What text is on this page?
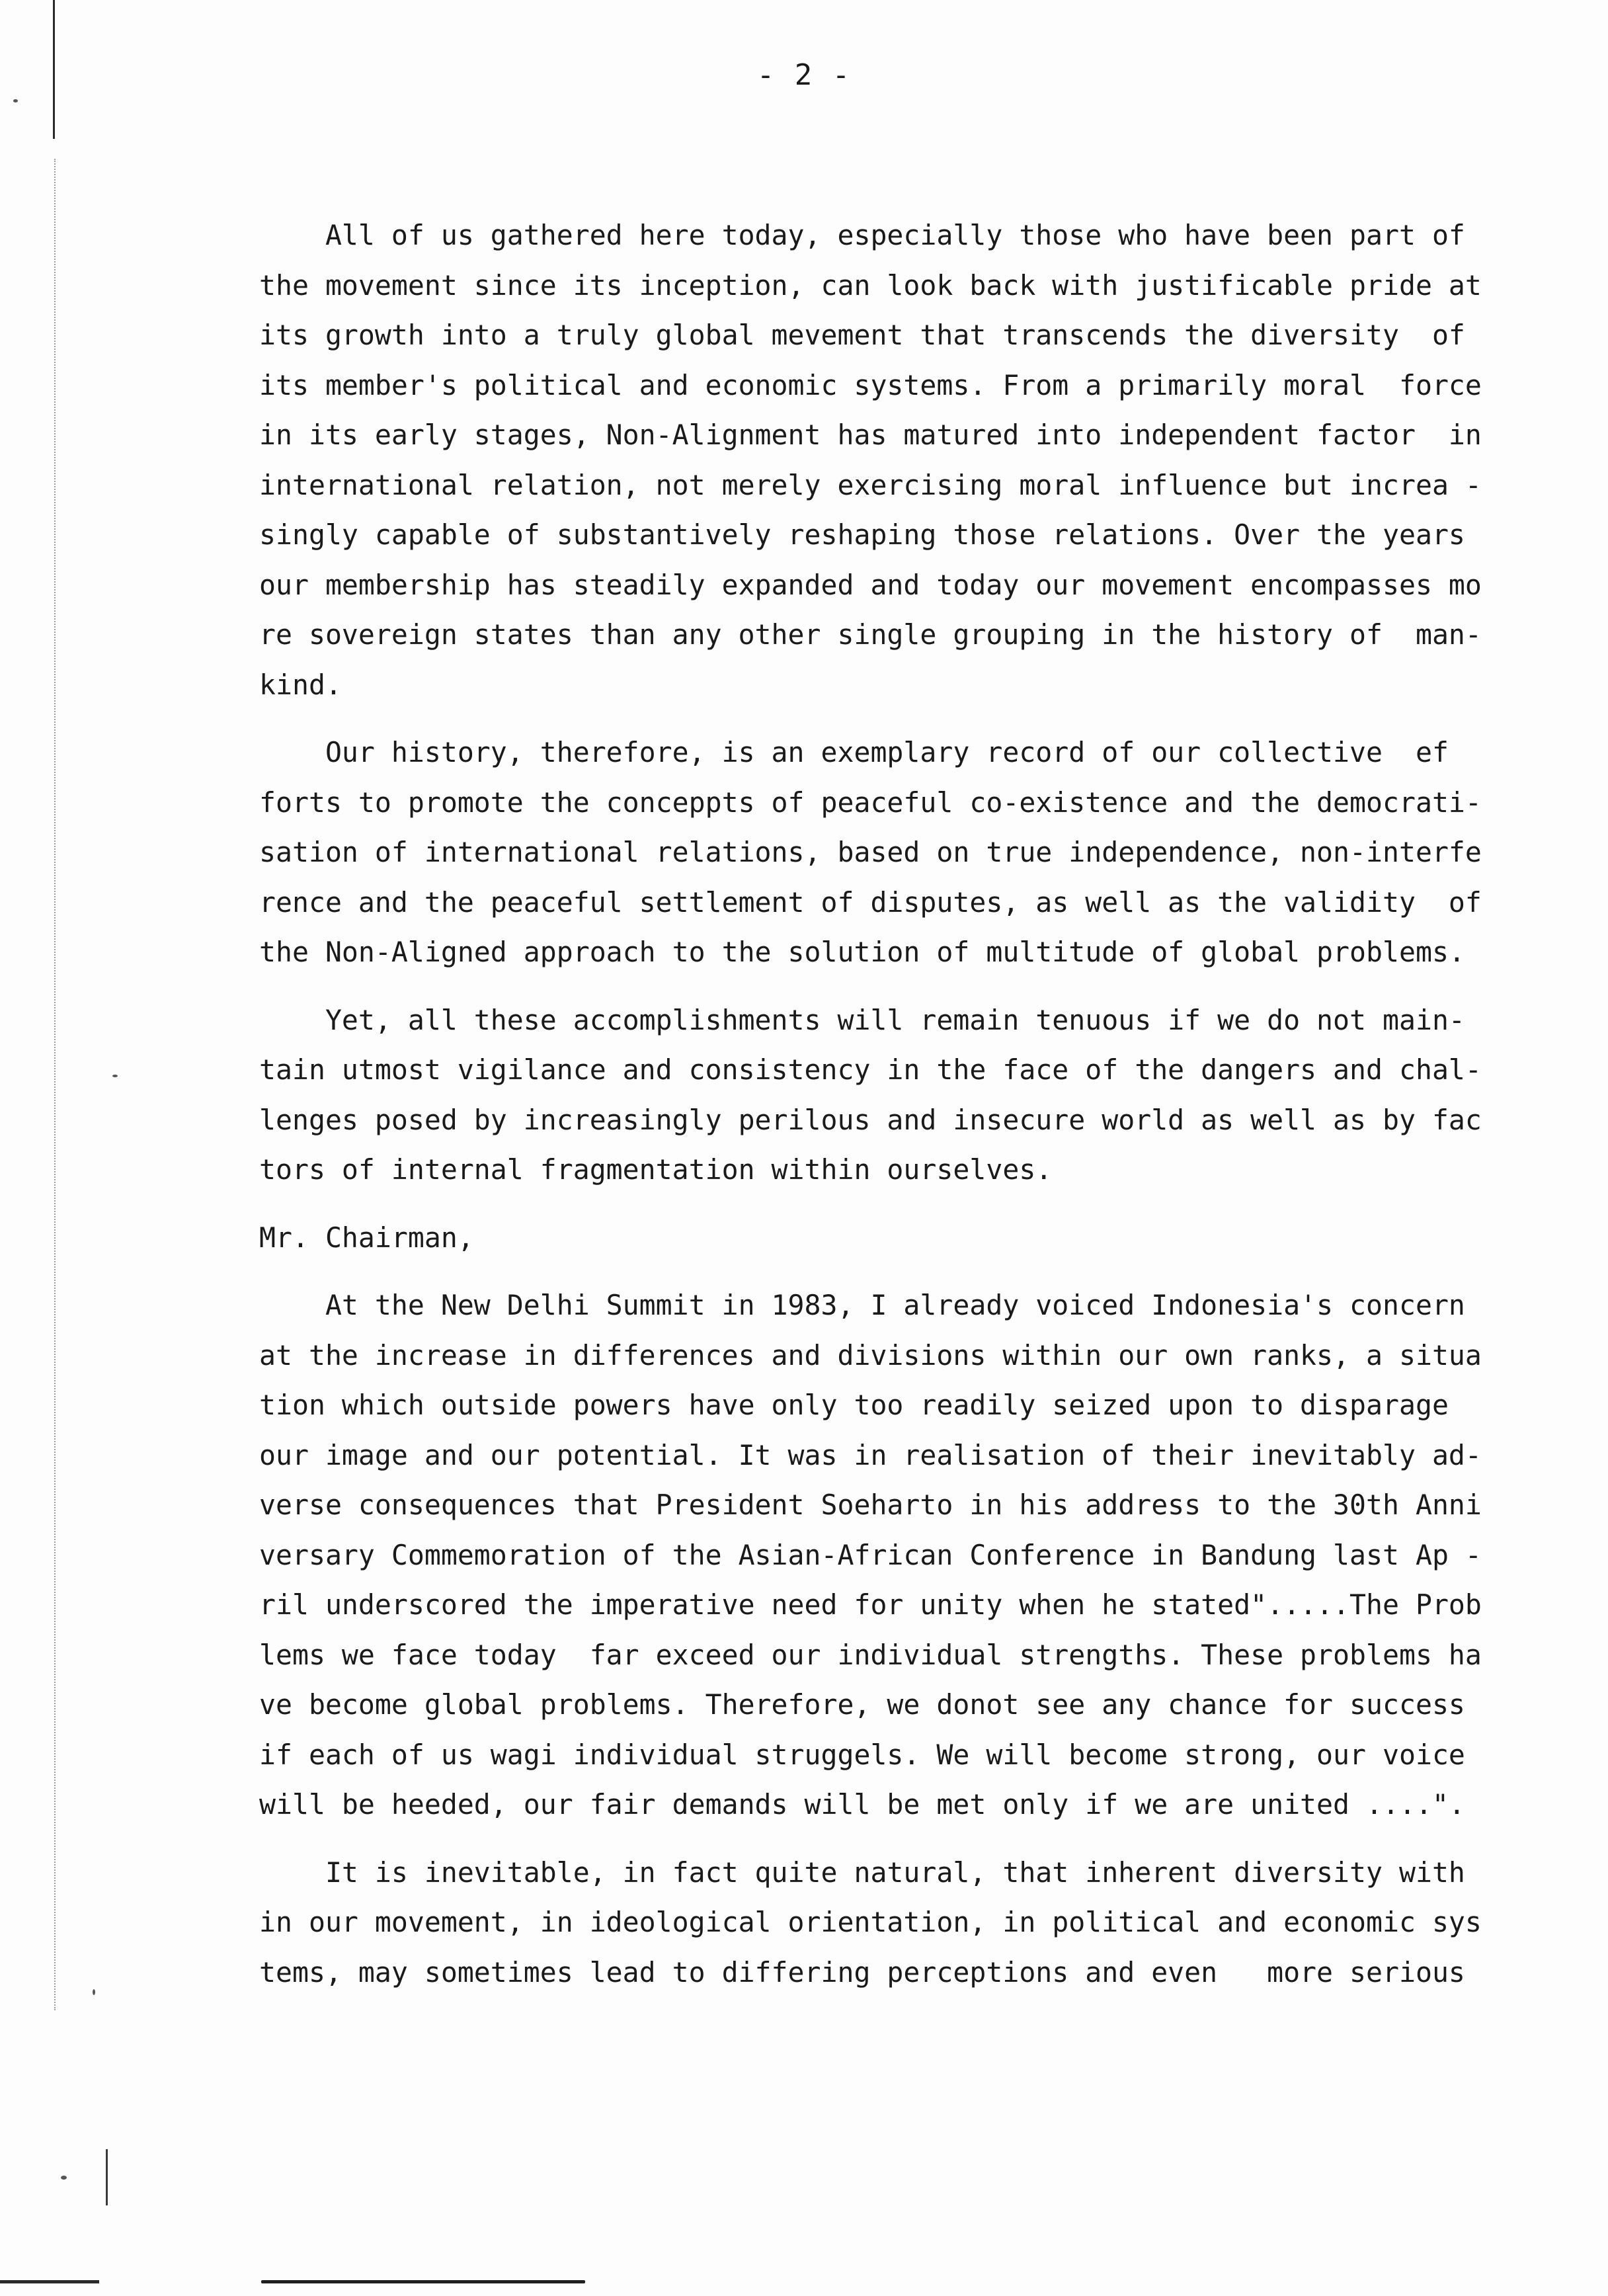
- 2 -
All of us gathered here today, especially those who have been part of
the movement since its inception, can look back with justificable pride at
its growth into a truly global mevement that transcends the diversity  of
its member's political and economic systems. From a primarily moral  force
in its early stages, Non-Alignment has matured into independent factor  in
international relation, not merely exercising moral influence but increa -
singly capable of substantively reshaping those relations. Over the years
our membership has steadily expanded and today our movement encompasses mo
re sovereign states than any other single grouping in the history of  man-
kind.
Our history, therefore, is an exemplary record of our collective  ef
forts to promote the conceppts of peaceful co-existence and the democrati-
sation of international relations, based on true independence, non-interfe
rence and the peaceful settlement of disputes, as well as the validity  of
the Non-Aligned approach to the solution of multitude of global problems.
Yet, all these accomplishments will remain tenuous if we do not main-
tain utmost vigilance and consistency in the face of the dangers and chal-
lenges posed by increasingly perilous and insecure world as well as by fac
tors of internal fragmentation within ourselves.
Mr. Chairman,
At the New Delhi Summit in 1983, I already voiced Indonesia's concern
at the increase in differences and divisions within our own ranks, a situa
tion which outside powers have only too readily seized upon to disparage
our image and our potential. It was in realisation of their inevitably ad-
verse consequences that President Soeharto in his address to the 30th Anni
versary Commemoration of the Asian-African Conference in Bandung last Ap -
ril underscored the imperative need for unity when he stated".....The Prob
lems we face today  far exceed our individual strengths. These problems ha
ve become global problems. Therefore, we donot see any chance for success
if each of us wagi individual struggels. We will become strong, our voice
will be heeded, our fair demands will be met only if we are united ....".
It is inevitable, in fact quite natural, that inherent diversity with
in our movement, in ideological orientation, in political and economic sys
tems, may sometimes lead to differing perceptions and even   more serious
